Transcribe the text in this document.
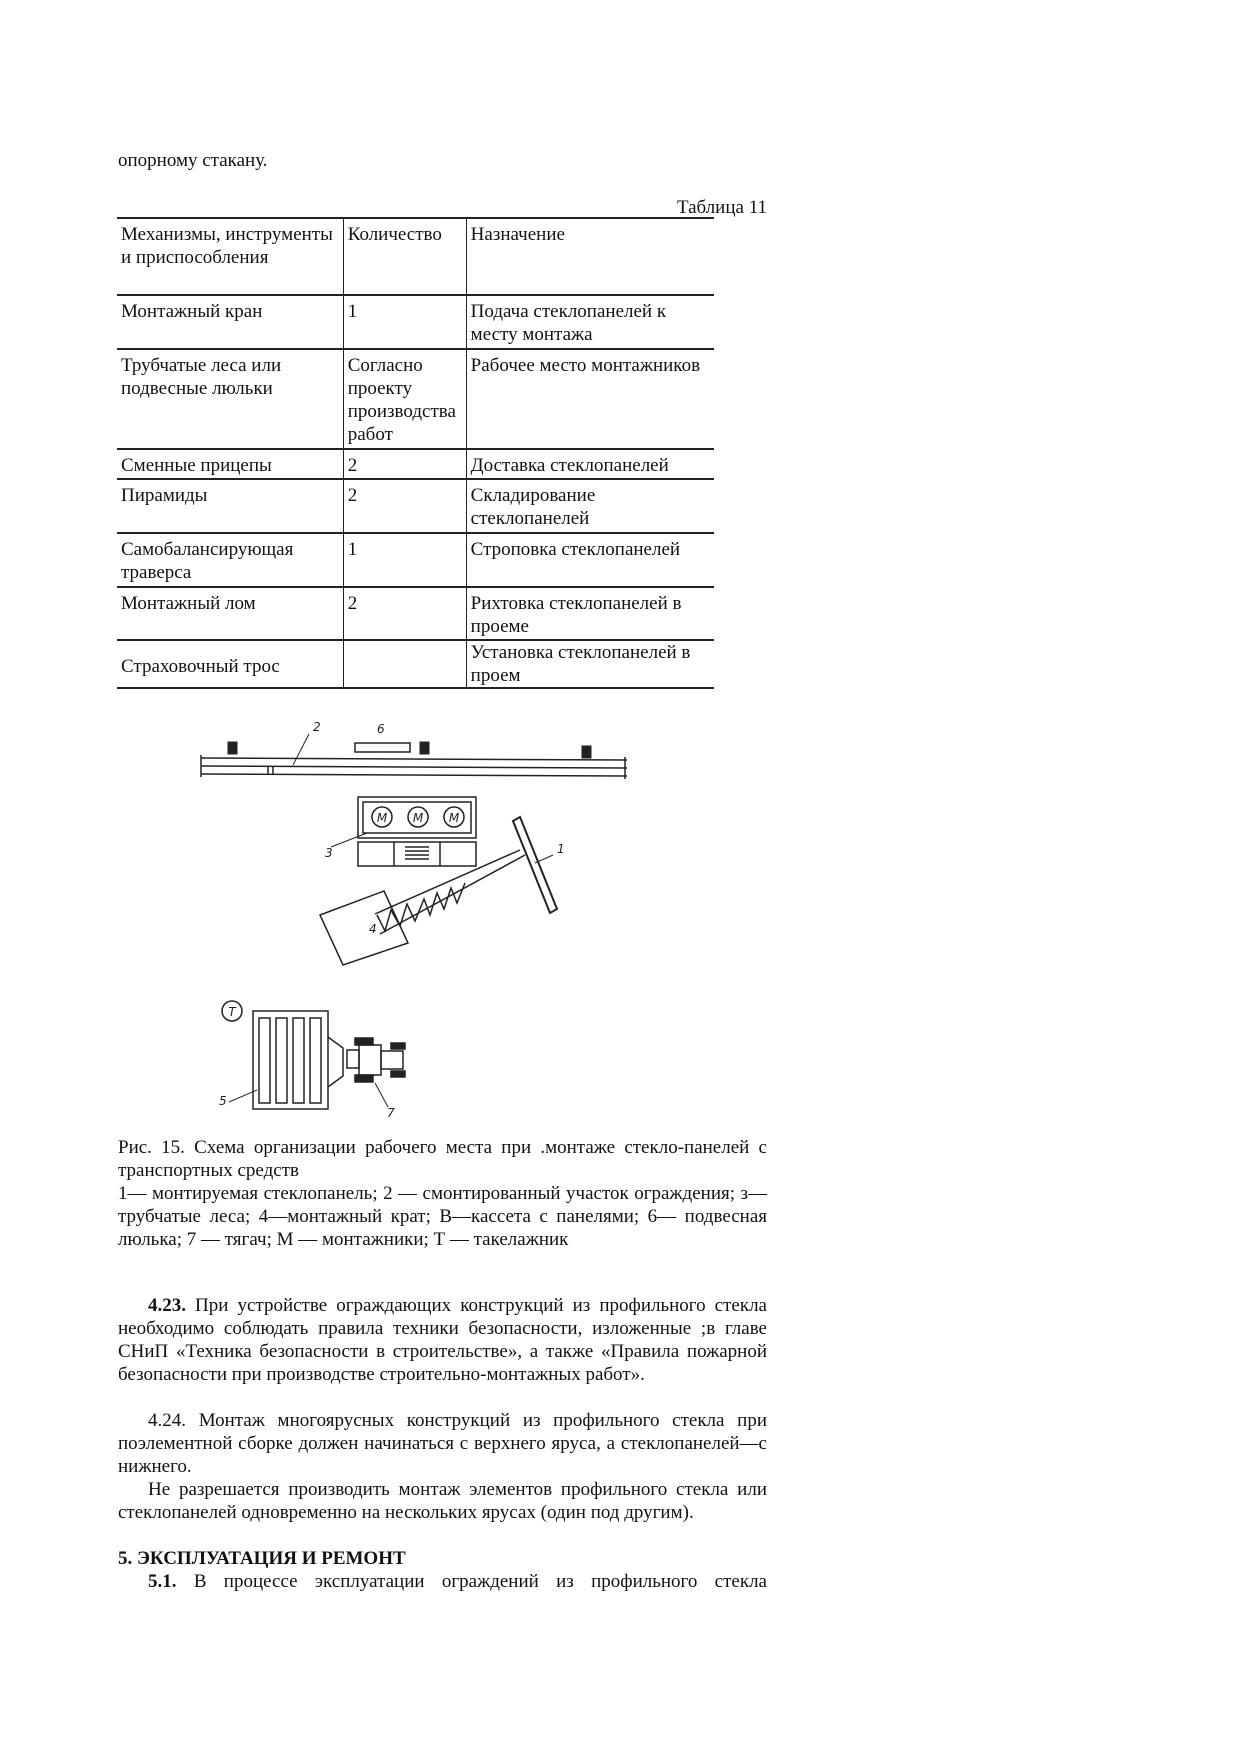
опорному стакану.
Таблица 11
Механизмы, инструменты и приспособления	Количество	Назначение
Монтажный кран	1	Подача стеклопанелей к месту монтажа
Трубчатые леса или подвесные люльки	Согласно проекту производства работ	Рабочее место монтажников
Сменные прицепы	2	Доставка стеклопанелей
Пирамиды	2	Складирование стеклопанелей
Самобалансирующая траверса	1	Строповка стеклопанелей
Монтажный лом	2	Рихтовка стеклопанелей в проеме
Страховочный трос		Установка стеклопанелей в проем
2	6
M M M
3
4
1
T
5
7
Рис. 15. Схема организации рабочего места при .монтаже стекло-панелей с транспортных средств
1— монтируемая стеклопанель; 2 — смонтированный участок ограждения; з—трубчатые леса; 4—монтажный крат; В—кассета с панелями; 6— подвесная люлька; 7 — тягач; М — монтажники; Т — такелажник
4.23. При устройстве ограждающих конструкций из профильного стекла необходимо соблюдать правила техники безопасности, изложенные ;в главе СНиП «Техника безопасности в строительстве», а также «Правила пожарной безопасности при производстве строительно-монтажных работ».
4.24. Монтаж многоярусных конструкций из профильного стекла при поэлементной сборке должен начинаться с верхнего яруса, а стеклопанелей—с нижнего.
Не разрешается производить монтаж элементов профильного стекла или стеклопанелей одновременно на нескольких ярусах (один под другим).
5. ЭКСПЛУАТАЦИЯ И РЕМОНТ
5.1. В процессе эксплуатации ограждений из профильного стекла
